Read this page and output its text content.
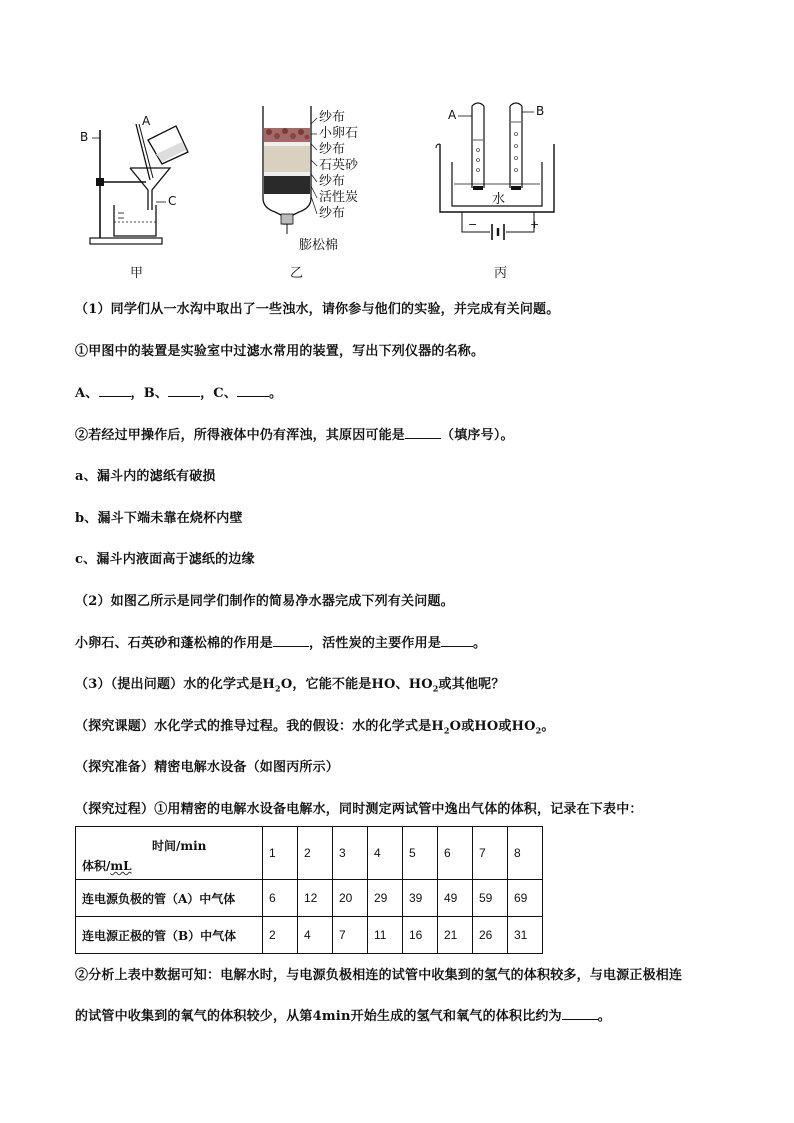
A
B
C
甲
纱布
小卵石
纱布
石英砂
纱布
活性炭
纱布
膨松棉
乙
A	B
水
−	+
丙
（1）同学们从一水沟中取出了一些浊水，请你参与他们的实验，并完成有关问题。
①甲图中的装置是实验室中过滤水常用的装置，写出下列仪器的名称。
A、 ，B、 ，C、 。
②若经过甲操作后，所得液体中仍有浑浊，其原因可能是	（填序号）。
a、漏斗内的滤纸有破损
b、漏斗下端未靠在烧杯内壁
c、漏斗内液面高于滤纸的边缘
（2）如图乙所示是同学们制作的简易净水器完成下列有关问题。
小卵石、石英砂和蓬松棉的作用是	，活性炭的主要作用是 。
（3）（提出问题）水的化学式是$H_2O$，它能不能是HO、$HO_2$或其他呢？
（探究课题）水化学式的推导过程。我的假设：水的化学式是$H_2O$或HO或$HO_2$。
（探究准备）精密电解水设备（如图丙所示）
（探究过程）①用精密的电解水设备电解水，同时测定两试管中逸出气体的体积，记录在下表中：
时间/min
体积/mL	1	2	3	4	5	6	7	8
连电源负极的管（A）中气体	6	12	20	29	39	49	59	69
连电源正极的管（B）中气体	2	4	7	11	16	21	26	31
②分析上表中数据可知：电解水时，与电源负极相连的试管中收集到的氢气的体积较多，与电源正极相连
的试管中收集到的氧气的体积较少，从第4min开始生成的氢气和氧气的体积比约为	。
